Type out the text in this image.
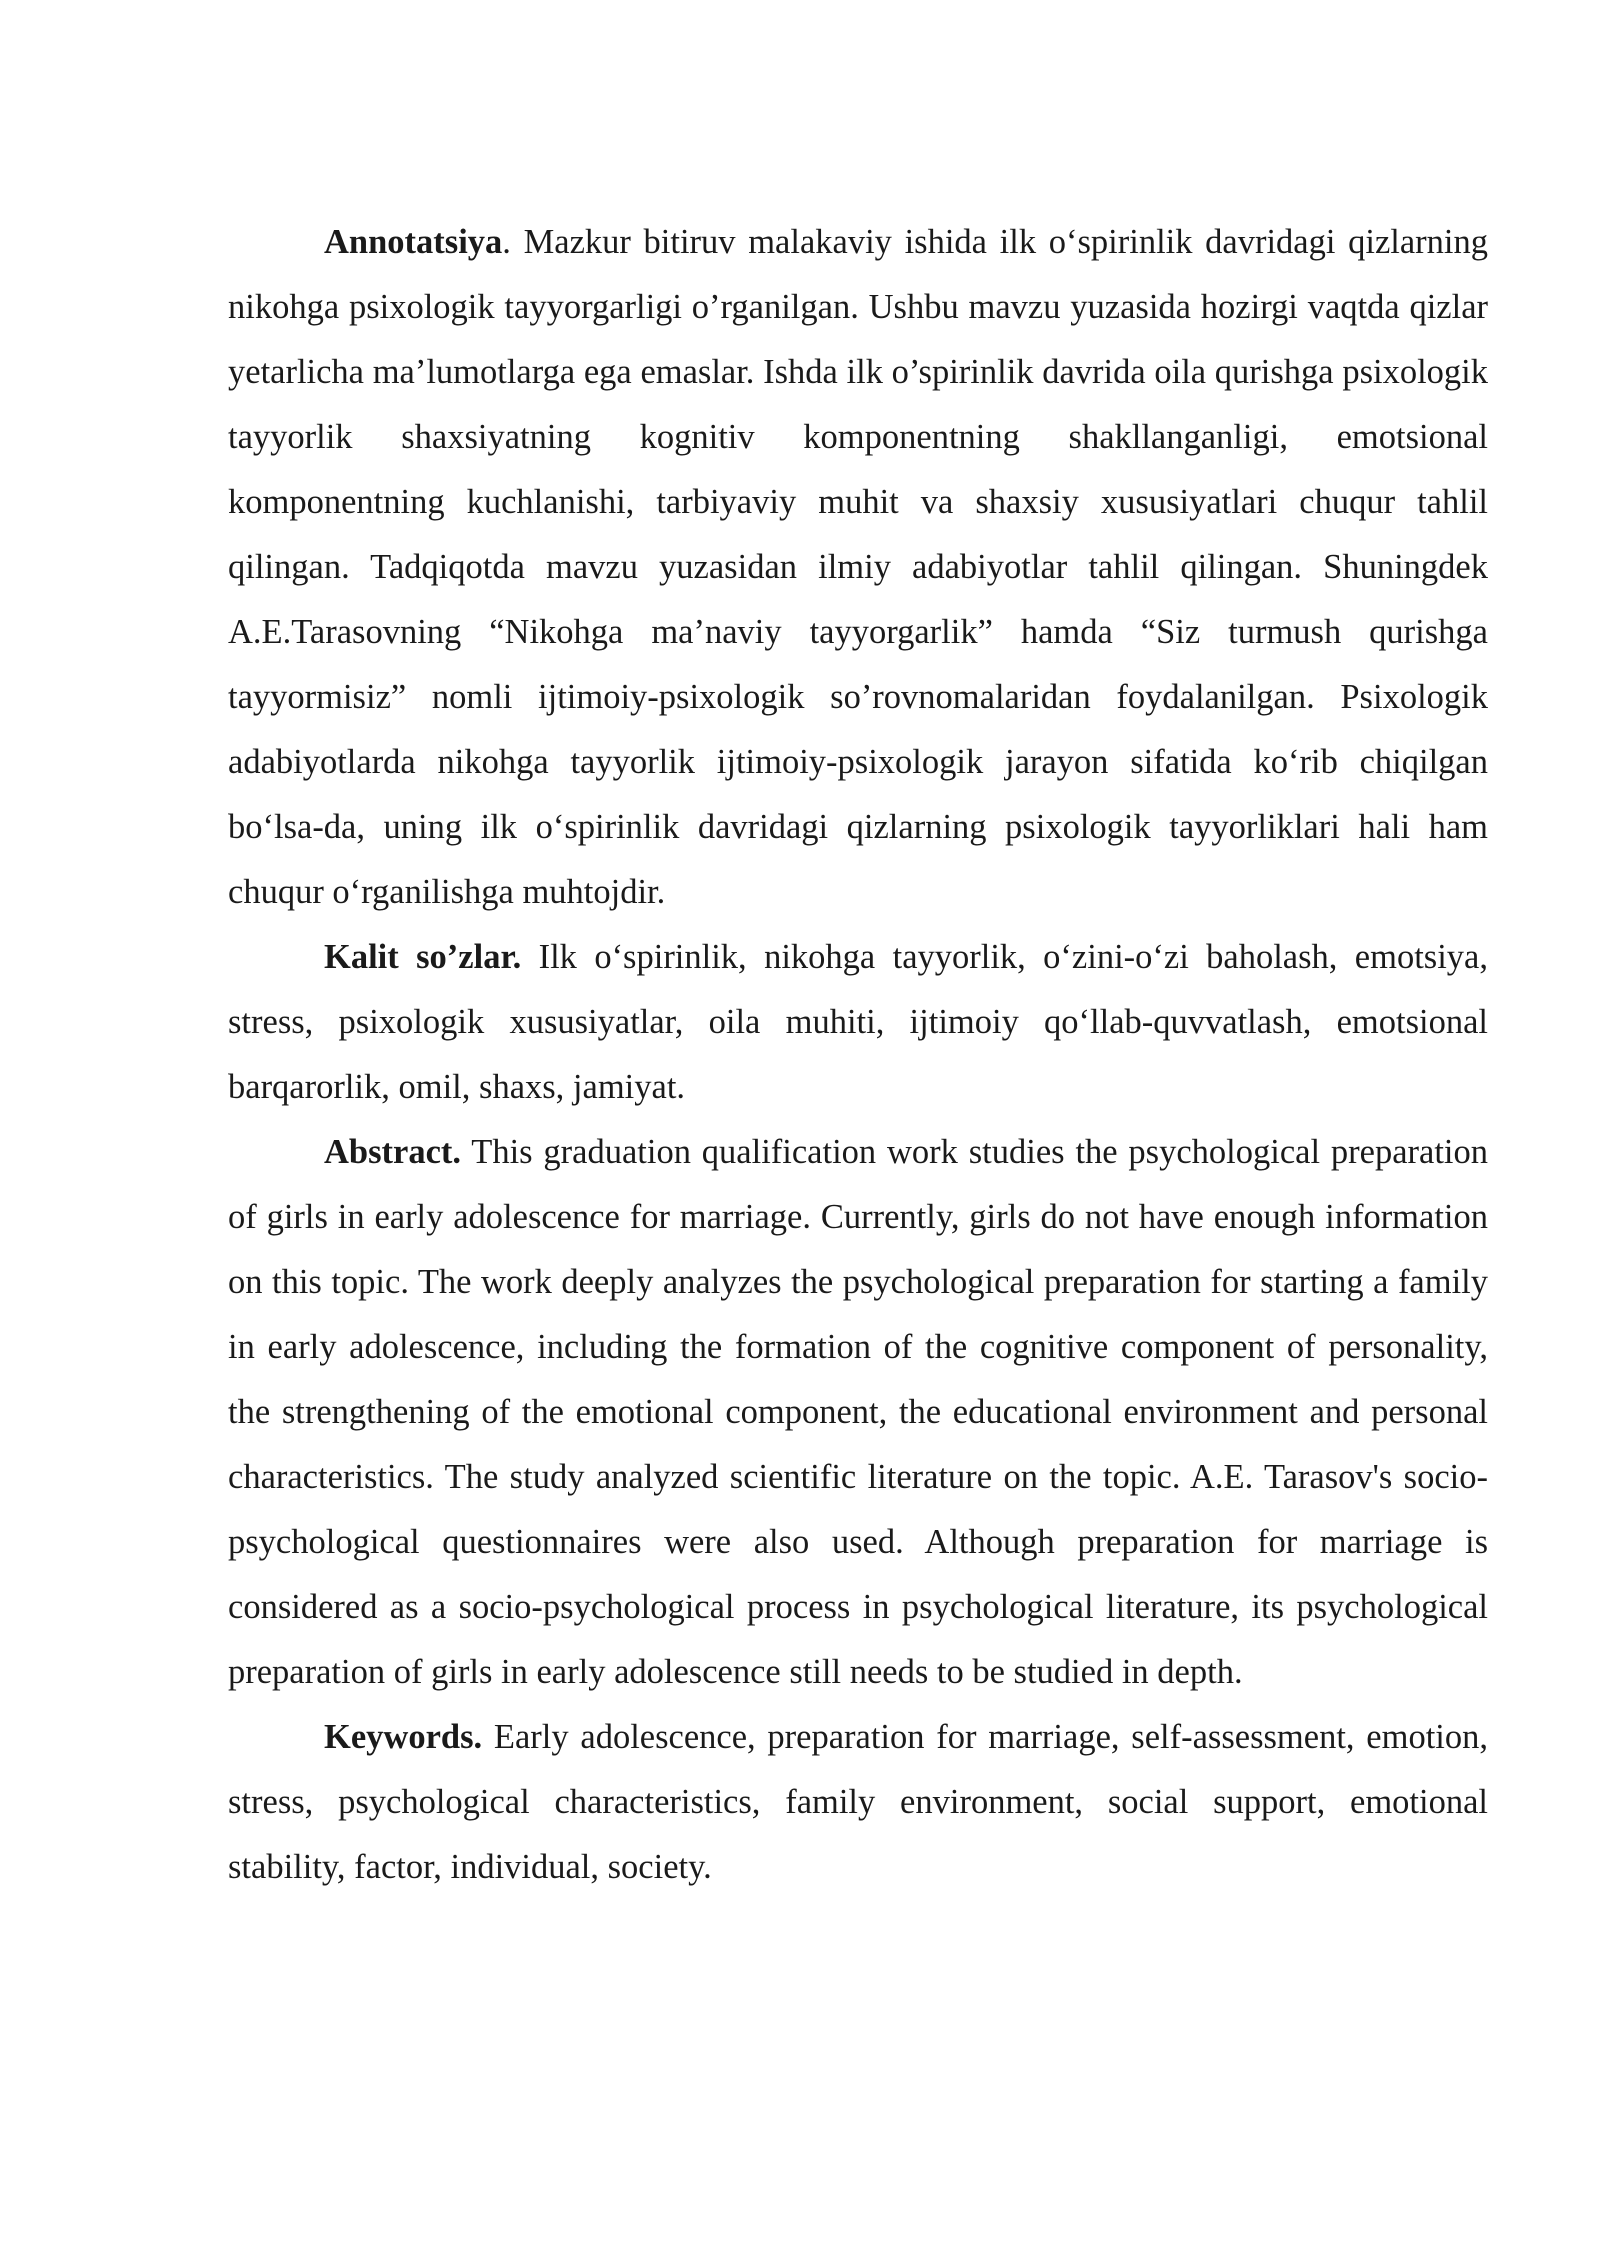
Annotatsiya. Mazkur bitiruv malakaviy ishida ilk o‘spirinlik davridagi qizlarning nikohga psixologik tayyorgarligi o’rganilgan. Ushbu mavzu yuzasida hozirgi vaqtda qizlar yetarlicha ma’lumotlarga ega emaslar. Ishda ilk o’spirinlik davrida oila qurishga psixologik tayyorlik shaxsiyatning kognitiv komponentning shakllanganligi, emotsional komponentning kuchlanishi, tarbiyaviy muhit va shaxsiy xususiyatlari chuqur tahlil qilingan. Tadqiqotda mavzu yuzasidan ilmiy adabiyotlar tahlil qilingan. Shuningdek A.E.Tarasovning “Nikohga ma’naviy tayyorgarlik” hamda “Siz turmush qurishga tayyormisiz” nomli ijtimoiy-psixologik so’rovnomalaridan foydalanilgan. Psixologik adabiyotlarda nikohga tayyorlik ijtimoiy-psixologik jarayon sifatida ko‘rib chiqilgan bo‘lsa-da, uning ilk o‘spirinlik davridagi qizlarning psixologik tayyorliklari hali ham chuqur o‘rganilishga muhtojdir.

Kalit so’zlar. Ilk o‘spirinlik, nikohga tayyorlik, o‘zini-o‘zi baholash, emotsiya, stress, psixologik xususiyatlar, oila muhiti, ijtimoiy qo‘llab-quvvatlash, emotsional barqarorlik, omil, shaxs, jamiyat.

Abstract. This graduation qualification work studies the psychological preparation of girls in early adolescence for marriage. Currently, girls do not have enough information on this topic. The work deeply analyzes the psychological preparation for starting a family in early adolescence, including the formation of the cognitive component of personality, the strengthening of the emotional component, the educational environment and personal characteristics. The study analyzed scientific literature on the topic. A.E. Tarasov's socio-psychological questionnaires were also used. Although preparation for marriage is considered as a socio-psychological process in psychological literature, its psychological preparation of girls in early adolescence still needs to be studied in depth.

Keywords. Early adolescence, preparation for marriage, self-assessment, emotion, stress, psychological characteristics, family environment, social support, emotional stability, factor, individual, society.
